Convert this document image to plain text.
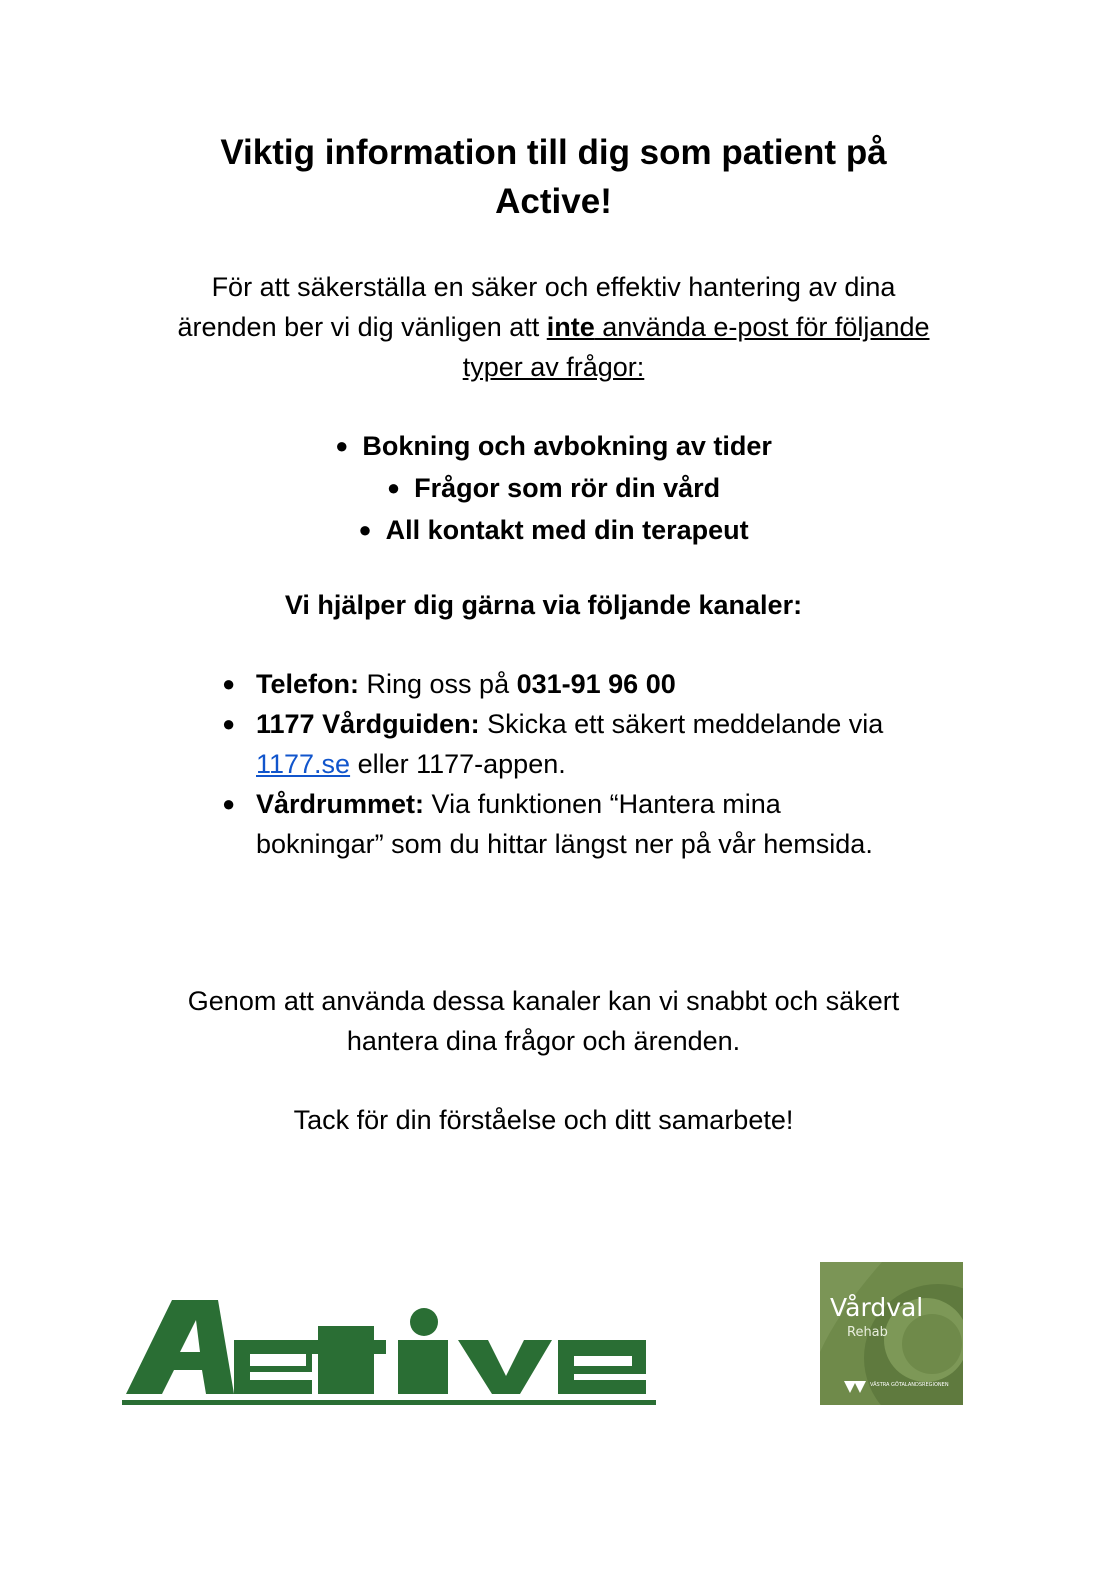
Viktig information till dig som patient på
Active!
För att säkerställa en säker och effektiv hantering av dina
ärenden ber vi dig vänligen att inte använda e-post för följande
typer av frågor:
● Bokning och avbokning av tider
● Frågor som rör din vård
● All kontakt med din terapeut
Vi hjälper dig gärna via följande kanaler:
● Telefon: Ring oss på 031-91 96 00
● 1177 Vårdguiden: Skicka ett säkert meddelande via
1177.se eller 1177-appen.
● Vårdrummet: Via funktionen “Hantera mina
bokningar” som du hittar längst ner på vår hemsida.
Genom att använda dessa kanaler kan vi snabbt och säkert
hantera dina frågor och ärenden.
Tack för din förståelse och ditt samarbete!
Active
Vårdval
Rehab
VÄSTRA GÖTALANDSREGIONEN
